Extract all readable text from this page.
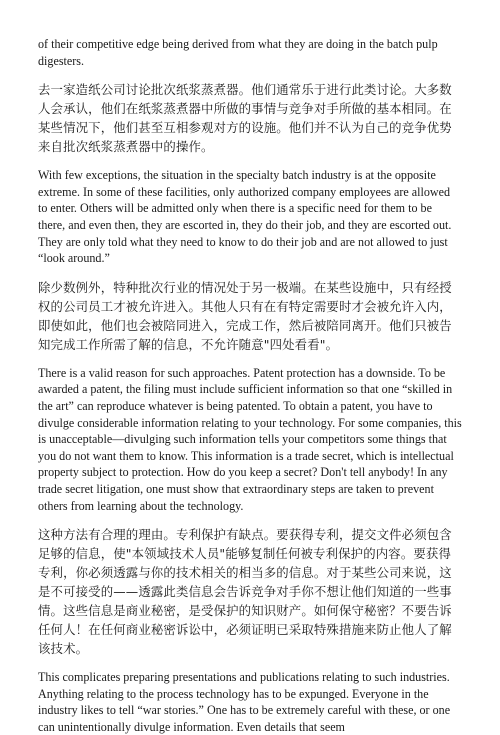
of their competitive edge being derived from what they are doing in the batch pulp digesters.

去一家造纸公司讨论批次纸浆蒸煮器。他们通常乐于进行此类讨论。大多数人会承认，他们在纸浆蒸煮器中所做的事情与竞争对手所做的基本相同。在某些情况下，他们甚至互相参观对方的设施。他们并不认为自己的竞争优势来自批次纸浆蒸煮器中的操作。

With few exceptions, the situation in the specialty batch industry is at the opposite extreme. In some of these facilities, only authorized company employees are allowed to enter. Others will be admitted only when there is a specific need for them to be there, and even then, they are escorted in, they do their job, and they are escorted out. They are only told what they need to know to do their job and are not allowed to just “look around.”

除少数例外，特种批次行业的情况处于另一极端。在某些设施中，只有经授权的公司员工才被允许进入。其他人只有在有特定需要时才会被允许入内，即使如此，他们也会被陪同进入，完成工作，然后被陪同离开。他们只被告知完成工作所需了解的信息，不允许随意"四处看看"。

There is a valid reason for such approaches. Patent protection has a downside. To be awarded a patent, the filing must include sufficient information so that one “skilled in the art” can reproduce whatever is being patented. To obtain a patent, you have to divulge considerable information relating to your technology. For some companies, this is unacceptable—divulging such information tells your competitors some things that you do not want them to know. This information is a trade secret, which is intellectual property subject to protection. How do you keep a secret? Don't tell anybody! In any trade secret litigation, one must show that extraordinary steps are taken to prevent others from learning about the technology.

这种方法有合理的理由。专利保护有缺点。要获得专利，提交文件必须包含足够的信息，使"本领域技术人员"能够复制任何被专利保护的内容。要获得专利，你必须透露与你的技术相关的相当多的信息。对于某些公司来说，这是不可接受的——透露此类信息会告诉竞争对手你不想让他们知道的一些事情。这些信息是商业秘密，是受保护的知识财产。如何保守秘密？不要告诉任何人！在任何商业秘密诉讼中，必须证明已采取特殊措施来防止他人了解该技术。

This complicates preparing presentations and publications relating to such industries. Anything relating to the process technology has to be expunged. Everyone in the industry likes to tell “war stories.” One has to be extremely careful with these, or one can unintentionally divulge information. Even details that seem
